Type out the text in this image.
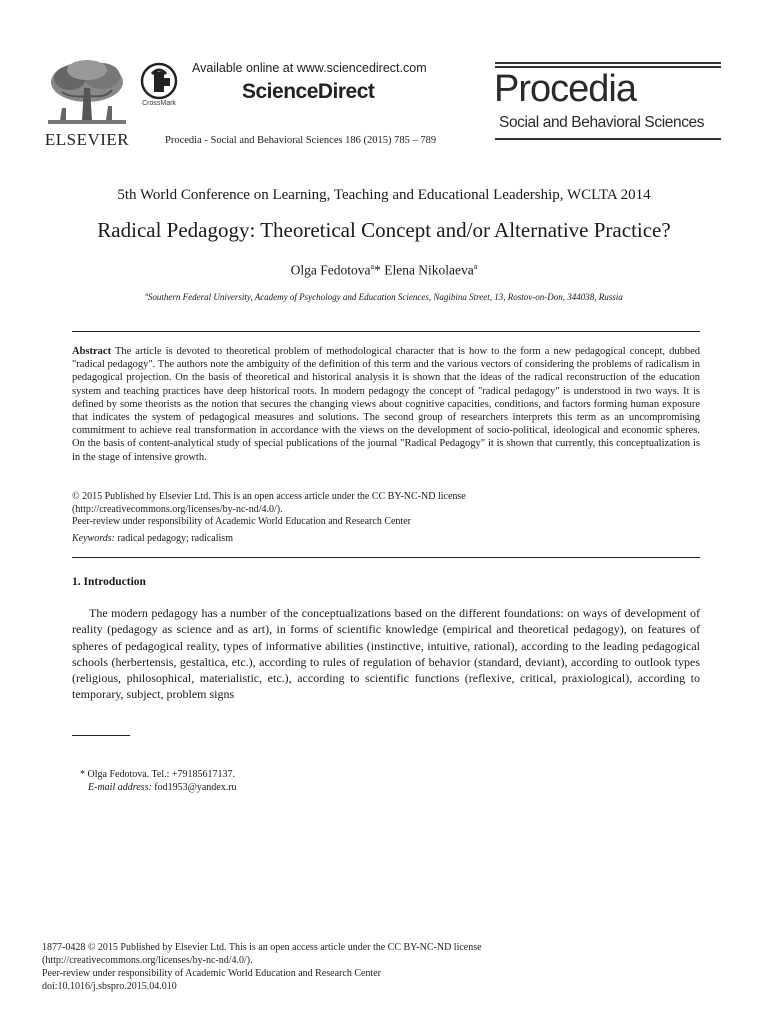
ELSEVIER
CrossMark
Available online at www.sciencedirect.com
ScienceDirect
Procedia - Social and Behavioral Sciences 186 (2015) 785 – 789
Procedia
Social and Behavioral Sciences
5th World Conference on Learning, Teaching and Educational Leadership, WCLTA 2014
Radical Pedagogy: Theoretical Concept and/or Alternative Practice?
Olga Fedotova$^a$* Elena Nikolaeva$^a$
$^a$Southern Federal University, Academy of Psychology and Education Sciences, Nagibina Street, 13, Rostov-on-Don, 344038, Russia
Abstract The article is devoted to theoretical problem of methodological character that is how to the form a new pedagogical concept, dubbed "radical pedagogy". The authors note the ambiguity of the definition of this term and the various vectors of considering the problems of radicalism in pedagogical projection. On the basis of theoretical and historical analysis it is shown that the ideas of the radical reconstruction of the education system and teaching practices have deep historical roots. In modern pedagogy the concept of "radical pedagogy" is understood in two ways. It is defined by some theorists as the notion that secures the changing views about cognitive capacities, conditions, and factors forming human exposure that indicates the system of pedagogical measures and solutions. The second group of researchers interprets this term as an uncompromising commitment to achieve real transformation in accordance with the views on the development of socio-political, ideological and economic spheres. On the basis of content-analytical study of special publications of the journal "Radical Pedagogy" it is shown that currently, this conceptualization is in the stage of intensive growth.
© 2015 Published by Elsevier Ltd. This is an open access article under the CC BY-NC-ND license
(http://creativecommons.org/licenses/by-nc-nd/4.0/).
Peer-review under responsibility of Academic World Education and Research Center
Keywords: radical pedagogy; radicalism
1. Introduction
The modern pedagogy has a number of the conceptualizations based on the different foundations: on ways of development of reality (pedagogy as science and as art), in forms of scientific knowledge (empirical and theoretical pedagogy), on features of spheres of pedagogical reality, types of informative abilities (instinctive, intuitive, rational), according to the leading pedagogical schools (herbertensis, gestaltica, etc.), according to rules of regulation of behavior (standard, deviant), according to outlook types (religious, philosophical, materialistic, etc.), according to scientific functions (reflexive, critical, praxiological), according to temporary, subject, problem signs
* Olga Fedotova. Tel.: +79185617137.
E-mail address: fod1953@yandex.ru
1877-0428 © 2015 Published by Elsevier Ltd. This is an open access article under the CC BY-NC-ND license
(http://creativecommons.org/licenses/by-nc-nd/4.0/).
Peer-review under responsibility of Academic World Education and Research Center
doi:10.1016/j.sbspro.2015.04.010
